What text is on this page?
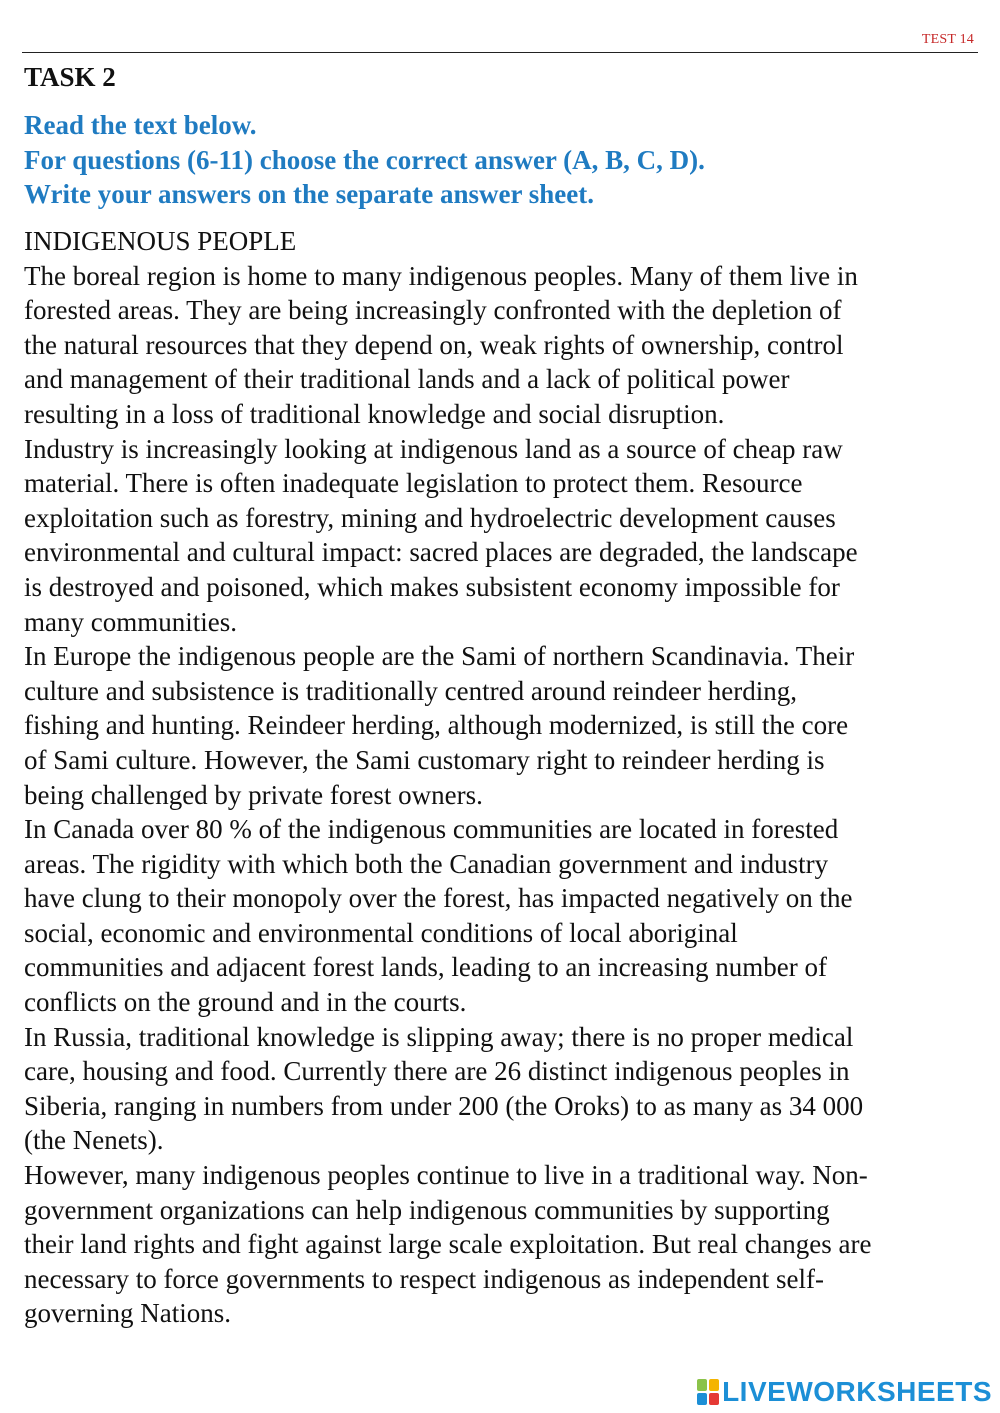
TEST 14
TASK 2
Read the text below.
For questions (6-11) choose the correct answer (A, B, C, D).
Write your answers on the separate answer sheet.
INDIGENOUS PEOPLE
The boreal region is home to many indigenous peoples. Many of them live in
forested areas. They are being increasingly confronted with the depletion of
the natural resources that they depend on, weak rights of ownership, control
and management of their traditional lands and a lack of political power
resulting in a loss of traditional knowledge and social disruption.
Industry is increasingly looking at indigenous land as a source of cheap raw
material. There is often inadequate legislation to protect them. Resource
exploitation such as forestry, mining and hydroelectric development causes
environmental and cultural impact: sacred places are degraded, the landscape
is destroyed and poisoned, which makes subsistent economy impossible for
many communities.
In Europe the indigenous people are the Sami of northern Scandinavia. Their
culture and subsistence is traditionally centred around reindeer herding,
fishing and hunting. Reindeer herding, although modernized, is still the core
of Sami culture. However, the Sami customary right to reindeer herding is
being challenged by private forest owners.
In Canada over 80 % of the indigenous communities are located in forested
areas. The rigidity with which both the Canadian government and industry
have clung to their monopoly over the forest, has impacted negatively on the
social, economic and environmental conditions of local aboriginal
communities and adjacent forest lands, leading to an increasing number of
conflicts on the ground and in the courts.
In Russia, traditional knowledge is slipping away; there is no proper medical
care, housing and food. Currently there are 26 distinct indigenous peoples in
Siberia, ranging in numbers from under 200 (the Oroks) to as many as 34 000
(the Nenets).
However, many indigenous peoples continue to live in a traditional way. Non-
government organizations can help indigenous communities by supporting
their land rights and fight against large scale exploitation. But real changes are
necessary to force governments to respect indigenous as independent self-
governing Nations.
LIVEWORKSHEETS
